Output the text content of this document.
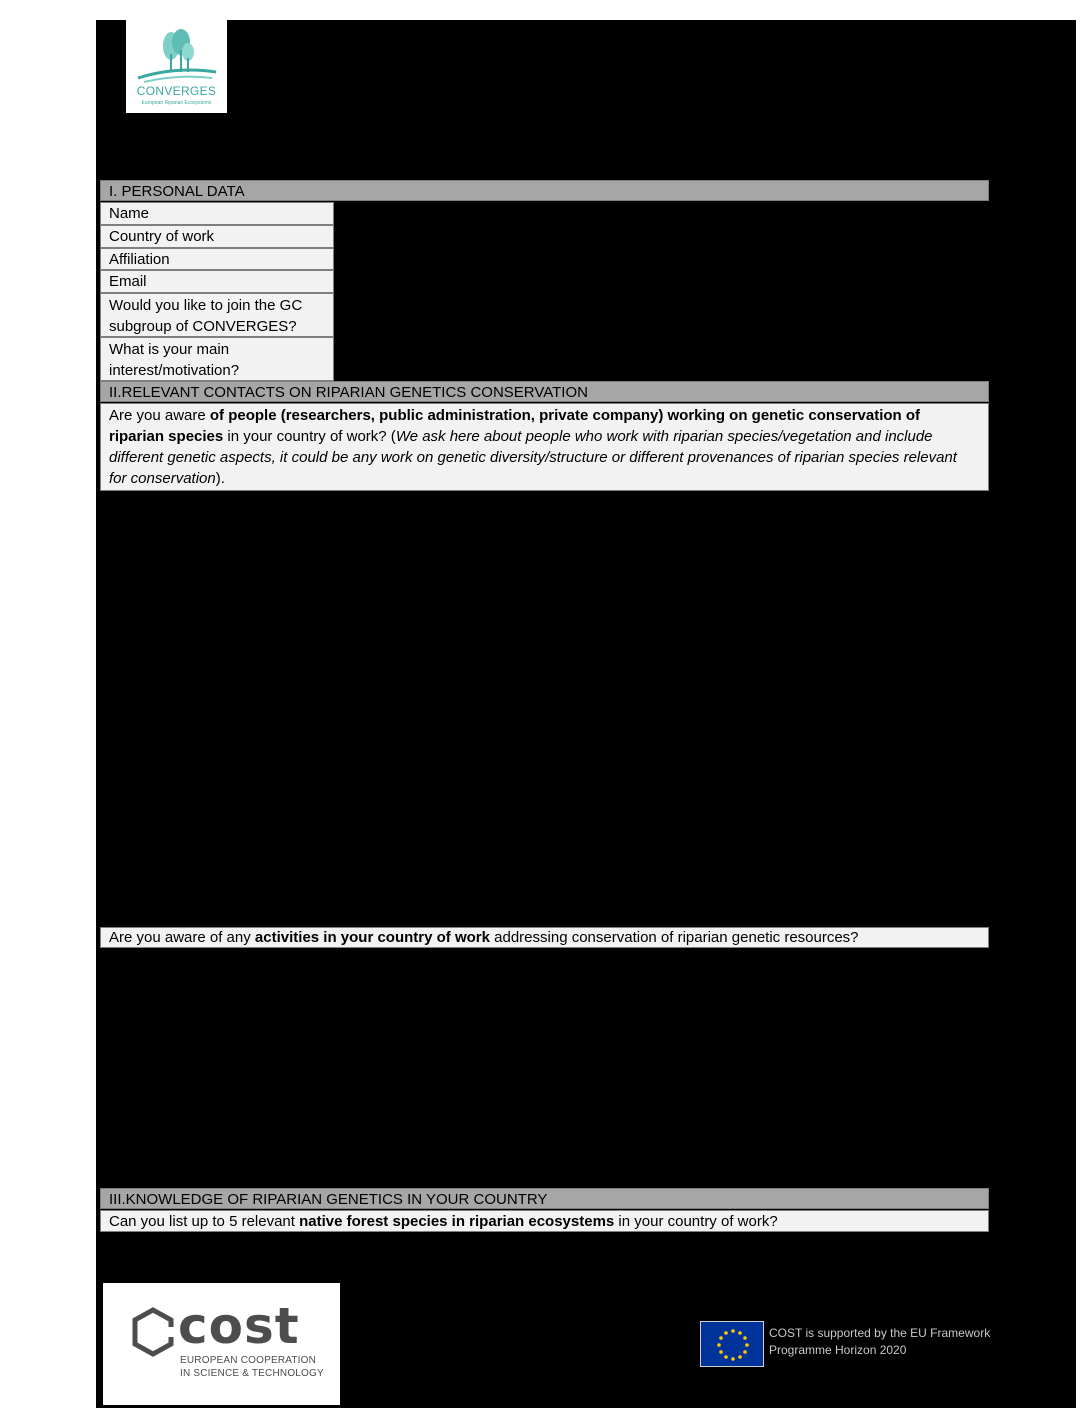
CONVERGES
European Riparian Ecosystems
I. PERSONAL DATA
Name
Country of work
Affiliation
Email
Would you like to join the GC
subgroup of CONVERGES?
What is your main
interest/motivation?
II.RELEVANT CONTACTS ON RIPARIAN GENETICS CONSERVATION
Are you aware of people (researchers, public administration, private company) working on genetic conservation of riparian species in your country of work? (We ask here about people who work with riparian species/vegetation and include different genetic aspects, it could be any work on genetic diversity/structure or different provenances of riparian species relevant for conservation).
Are you aware of any activities in your country of work addressing conservation of riparian genetic resources?
III.KNOWLEDGE OF RIPARIAN GENETICS IN YOUR COUNTRY
Can you list up to 5 relevant native forest species in riparian ecosystems in your country of work?
cost
EUROPEAN COOPERATION
IN SCIENCE & TECHNOLOGY
COST is supported by the EU Framework
Programme Horizon 2020
